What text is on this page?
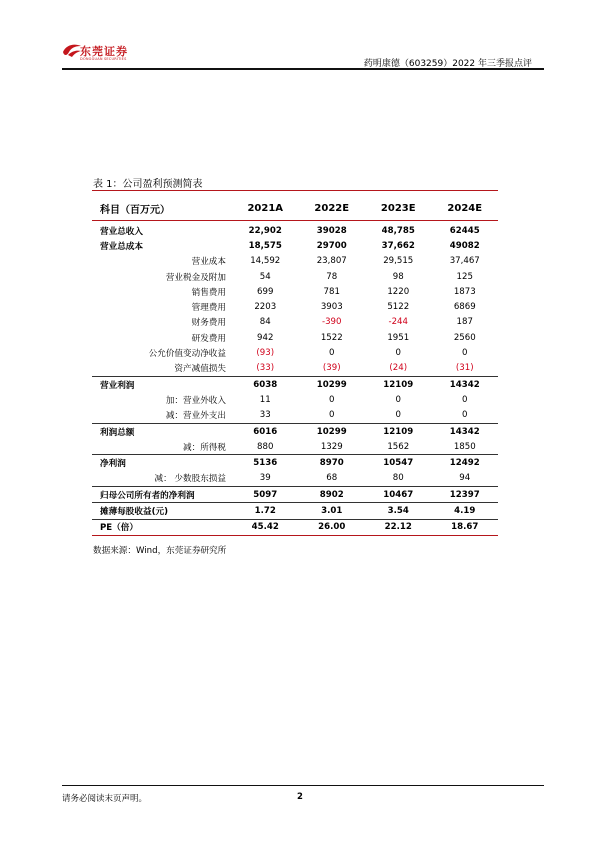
东莞证券
DONGGUAN SECURITIES	药明康德（603259）2022 年三季报点评
表 1：公司盈利预测简表
科目（百万元）	2021A	2022E	2023E	2024E
营业总收入	22,902	39028	48,785	62445
营业总成本	18,575	29700	37,662	49082
营业成本	14,592	23,807	29,515	37,467
营业税金及附加	54	78	98	125
销售费用	699	781	1220	1873
管理费用	2203	3903	5122	6869
财务费用	84	-390	-244	187
研发费用	942	1522	1951	2560
公允价值变动净收益	(93)	0	0	0
资产减值损失	(33)	(39)	(24)	(31)
营业利润	6038	10299	12109	14342
加：营业外收入	11	0	0	0
减：营业外支出	33	0	0	0
利润总额	6016	10299	12109	14342
减：所得税	880	1329	1562	1850
净利润	5136	8970	10547	12492
减： 少数股东损益	39	68	80	94
归母公司所有者的净利润	5097	8902	10467	12397
摊薄每股收益(元)	1.72	3.01	3.54	4.19
PE（倍）	45.42	26.00	22.12	18.67
数据来源：Wind，东莞证券研究所
请务必阅读末页声明。	2
